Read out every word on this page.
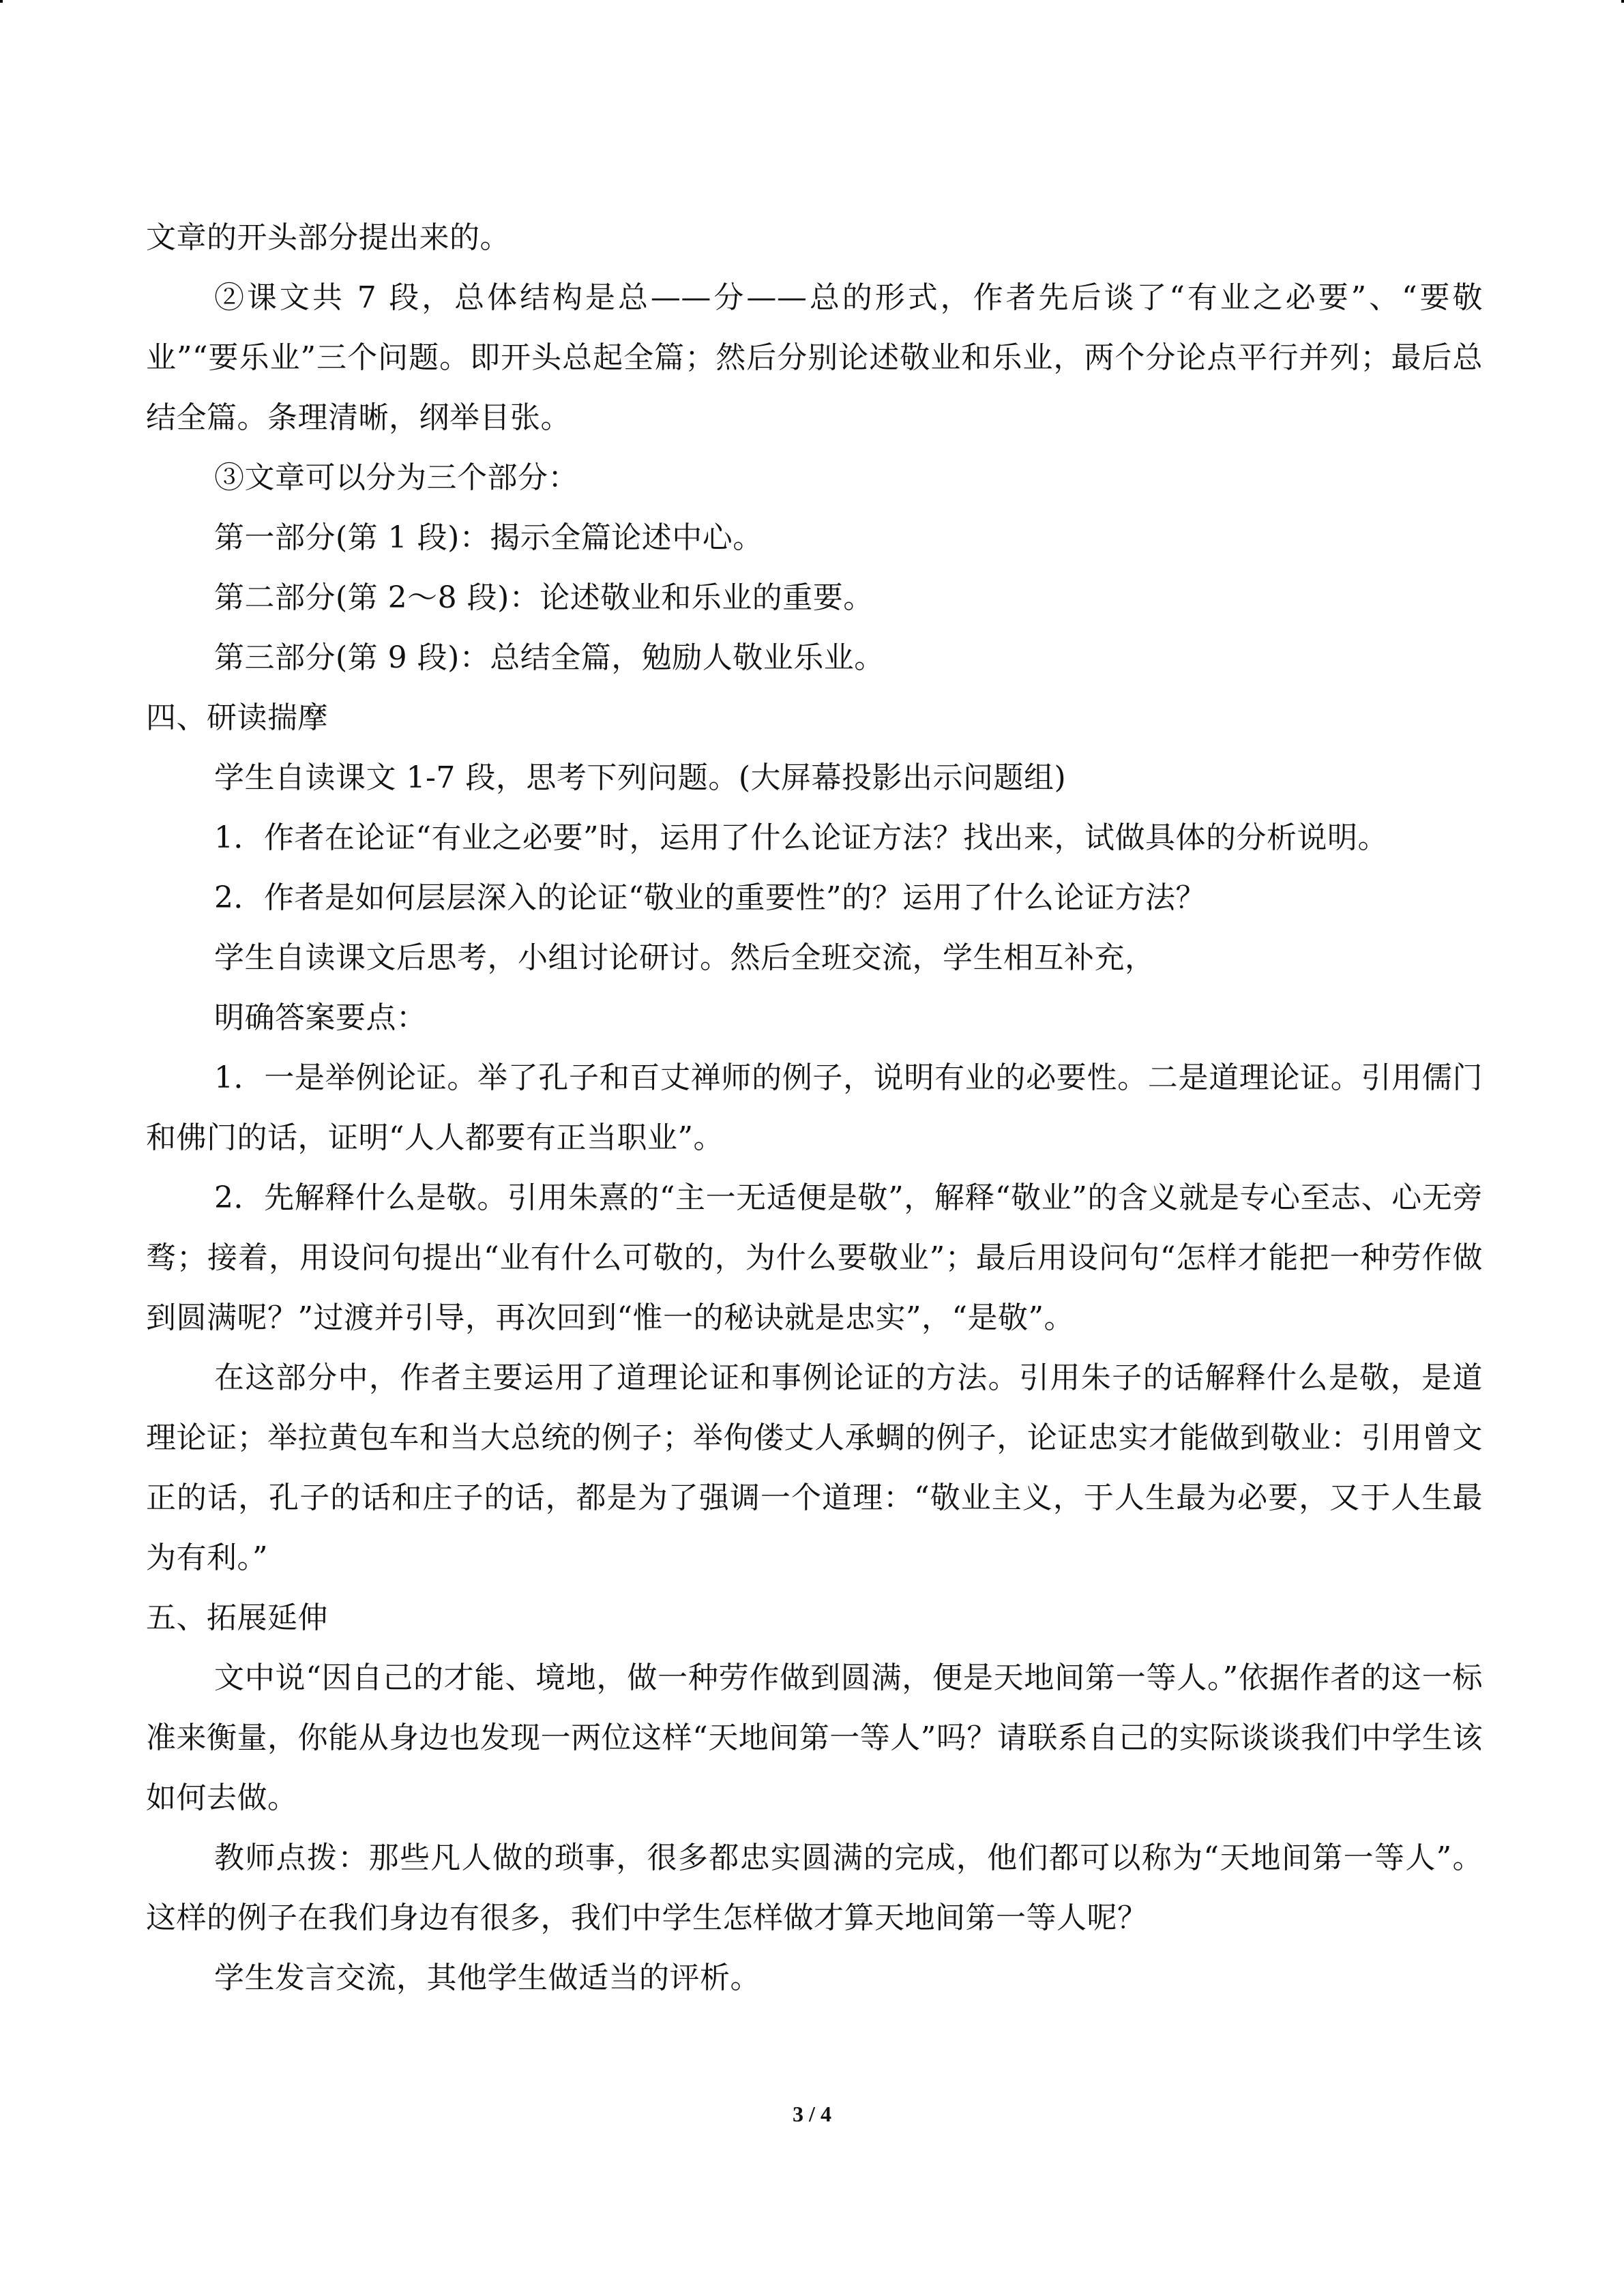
文章的开头部分提出来的。

②课文共 7 段，总体结构是总——分——总的形式，作者先后谈了“有业之必要”、“要敬业”“要乐业”三个问题。即开头总起全篇；然后分别论述敬业和乐业，两个分论点平行并列；最后总结全篇。条理清晰，纲举目张。

③文章可以分为三个部分：

第一部分(第 1 段)：揭示全篇论述中心。

第二部分(第 2～8 段)：论述敬业和乐业的重要。

第三部分(第 9 段)：总结全篇，勉励人敬业乐业。

四、研读揣摩

学生自读课文 1-7 段，思考下列问题。(大屏幕投影出示问题组)

1．作者在论证“有业之必要”时，运用了什么论证方法？找出来，试做具体的分析说明。

2．作者是如何层层深入的论证“敬业的重要性”的？运用了什么论证方法？

学生自读课文后思考，小组讨论研讨。然后全班交流，学生相互补充，

明确答案要点：

1．一是举例论证。举了孔子和百丈禅师的例子，说明有业的必要性。二是道理论证。引用儒门和佛门的话，证明“人人都要有正当职业”。

2．先解释什么是敬。引用朱熹的“主一无适便是敬”，解释“敬业”的含义就是专心至志、心无旁骛；接着，用设问句提出“业有什么可敬的，为什么要敬业”；最后用设问句“怎样才能把一种劳作做到圆满呢？”过渡并引导，再次回到“惟一的秘诀就是忠实”，“是敬”。

在这部分中，作者主要运用了道理论证和事例论证的方法。引用朱子的话解释什么是敬，是道理论证；举拉黄包车和当大总统的例子；举佝偻丈人承蜩的例子，论证忠实才能做到敬业：引用曾文正的话，孔子的话和庄子的话，都是为了强调一个道理：“敬业主义，于人生最为必要，又于人生最为有利。”

五、拓展延伸

文中说“因自己的才能、境地，做一种劳作做到圆满，便是天地间第一等人。”依据作者的这一标准来衡量，你能从身边也发现一两位这样“天地间第一等人”吗？请联系自己的实际谈谈我们中学生该如何去做。

教师点拨：那些凡人做的琐事，很多都忠实圆满的完成，他们都可以称为“天地间第一等人”。这样的例子在我们身边有很多，我们中学生怎样做才算天地间第一等人呢？

学生发言交流，其他学生做适当的评析。

3 / 4
